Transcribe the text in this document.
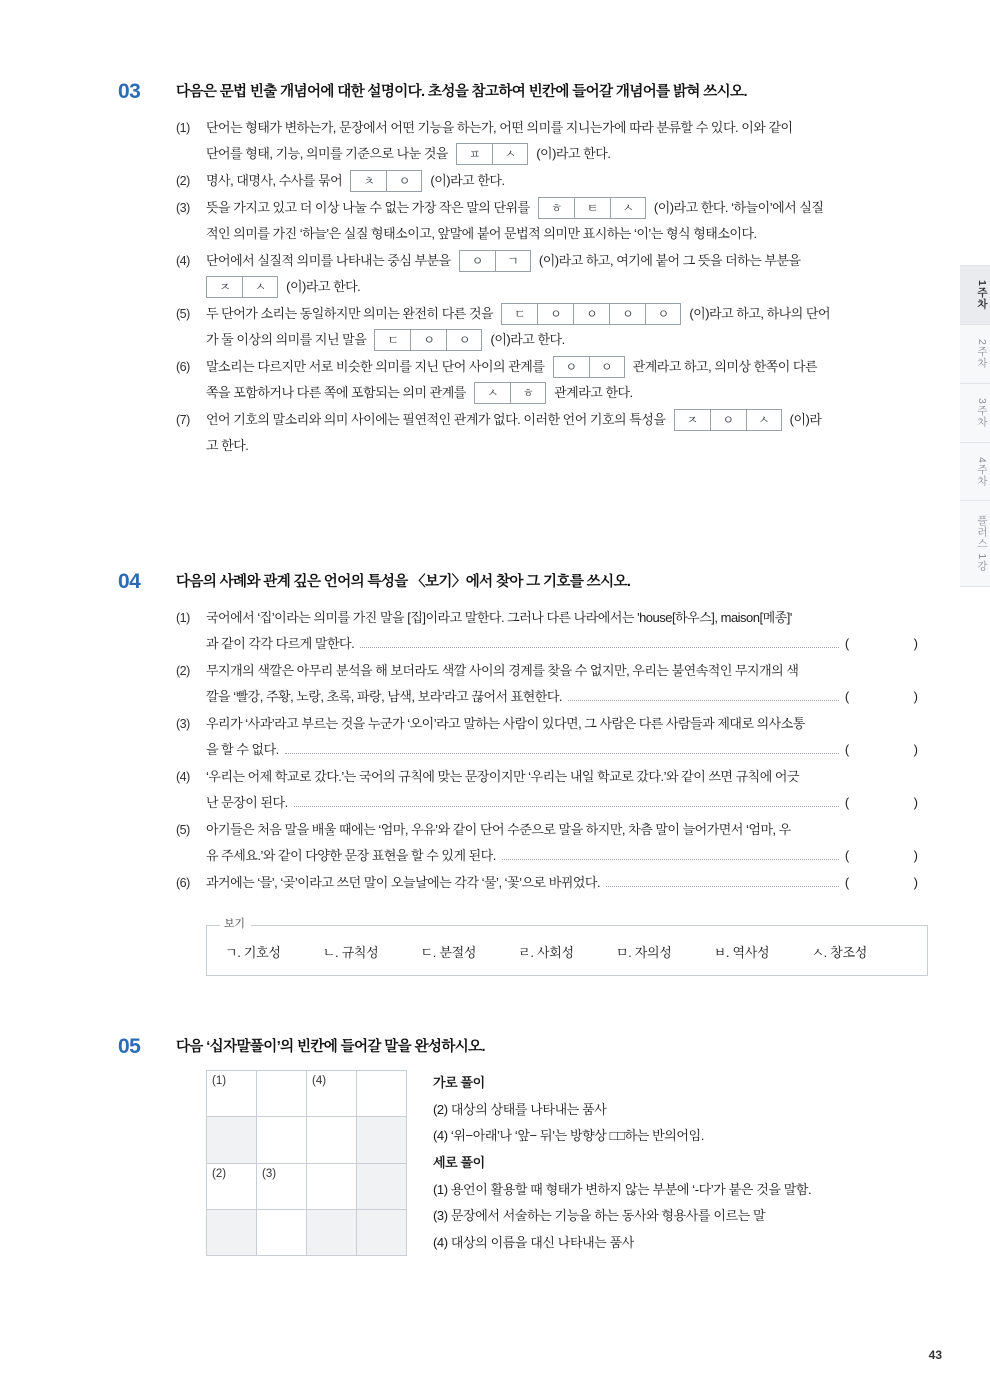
1주차
2주차
3주차
4주차
플러스 1강
03 다음은 문법 빈출 개념어에 대한 설명이다. 초성을 참고하여 빈칸에 들어갈 개념어를 밝혀 쓰시오.
(1)	단어는 형태가 변하는가, 문장에서 어떤 기능을 하는가, 어떤 의미를 지니는가에 따라 분류할 수 있다. 이와 같이
단어를 형태, 기능, 의미를 기준으로 나눈 것을	ㅍ	ㅅ	(이)라고 한다.
(2)	명사, 대명사, 수사를 묶어	ㅊ	ㅇ	(이)라고 한다.
(3)	뜻을 가지고 있고 더 이상 나눌 수 없는 가장 작은 말의 단위를	ㅎ	ㅌ	ㅅ	(이)라고 한다. ‘하늘이’에서 실질
적인 의미를 가진 ‘하늘’은 실질 형태소이고, 앞말에 붙어 문법적 의미만 표시하는 ‘이’는 형식 형태소이다.
(4)	단어에서 실질적 의미를 나타내는 중심 부분을	ㅇ	ㄱ	(이)라고 하고, 여기에 붙어 그 뜻을 더하는 부분을
ㅈ	ㅅ	(이)라고 한다.
(5)	두 단어가 소리는 동일하지만 의미는 완전히 다른 것을	ㄷ	ㅇ	ㅇ	ㅇ	ㅇ	(이)라고 하고, 하나의 단어
가 둘 이상의 의미를 지닌 말을	ㄷ	ㅇ	ㅇ	(이)라고 한다.
(6)	말소리는 다르지만 서로 비슷한 의미를 지닌 단어 사이의 관계를	ㅇ	ㅇ	관계라고 하고, 의미상 한쪽이 다른
쪽을 포함하거나 다른 쪽에 포함되는 의미 관계를	ㅅ	ㅎ	관계라고 한다.
(7)	언어 기호의 말소리와 의미 사이에는 필연적인 관계가 없다. 이러한 언어 기호의 특성을	ㅈ	ㅇ	ㅅ	(이)라
고 한다.
04 다음의 사례와 관계 깊은 언어의 특성을 〈보기〉에서 찾아 그 기호를 쓰시오.
(1)	국어에서 ‘집’이라는 의미를 가진 말을 [집]이라고 말한다. 그러나 다른 나라에서는 'house[하우스], maison[메종]'
과 같이 각각 다르게 말한다.	(    )
(2)	무지개의 색깔은 아무리 분석을 해 보더라도 색깔 사이의 경계를 찾을 수 없지만, 우리는 불연속적인 무지개의 색
깔을 ‘빨강, 주황, 노랑, 초록, 파랑, 남색, 보라’라고 끊어서 표현한다.	(    )
(3)	우리가 ‘사과’라고 부르는 것을 누군가 ‘오이’라고 말하는 사람이 있다면, 그 사람은 다른 사람들과 제대로 의사소통
을 할 수 없다.	(    )
(4)	‘우리는 어제 학교로 갔다.’는 국어의 규칙에 맞는 문장이지만 ‘우리는 내일 학교로 갔다.’와 같이 쓰면 규칙에 어긋
난 문장이 된다.	(    )
(5)	아기들은 처음 말을 배울 때에는 ‘엄마, 우유’와 같이 단어 수준으로 말을 하지만, 차츰 말이 늘어가면서 ‘엄마, 우
유 주세요.’와 같이 다양한 문장 표현을 할 수 있게 된다.	(    )
(6)	과거에는 ‘믈’, ‘곶’이라고 쓰던 말이 오늘날에는 각각 ‘물’, ‘꽃’으로 바뀌었다.	(    )
보기
ㄱ. 기호성	ㄴ. 규칙성	ㄷ. 분절성	ㄹ. 사회성	ㅁ. 자의성	ㅂ. 역사성	ㅅ. 창조성
05 다음 ‘십자말풀이’의 빈칸에 들어갈 말을 완성하시오.
(1)		(4)	

(2)	(3)		

가로 풀이
(2) 대상의 상태를 나타내는 품사
(4) ‘위−아래’나 ‘앞− 뒤’는 방향상 □□하는 반의어임.
세로 풀이
(1) 용언이 활용할 때 형태가 변하지 않는 부분에 ‘-다’가 붙은 것을 말함.
(3) 문장에서 서술하는 기능을 하는 동사와 형용사를 이르는 말
(4) 대상의 이름을 대신 나타내는 품사
43
